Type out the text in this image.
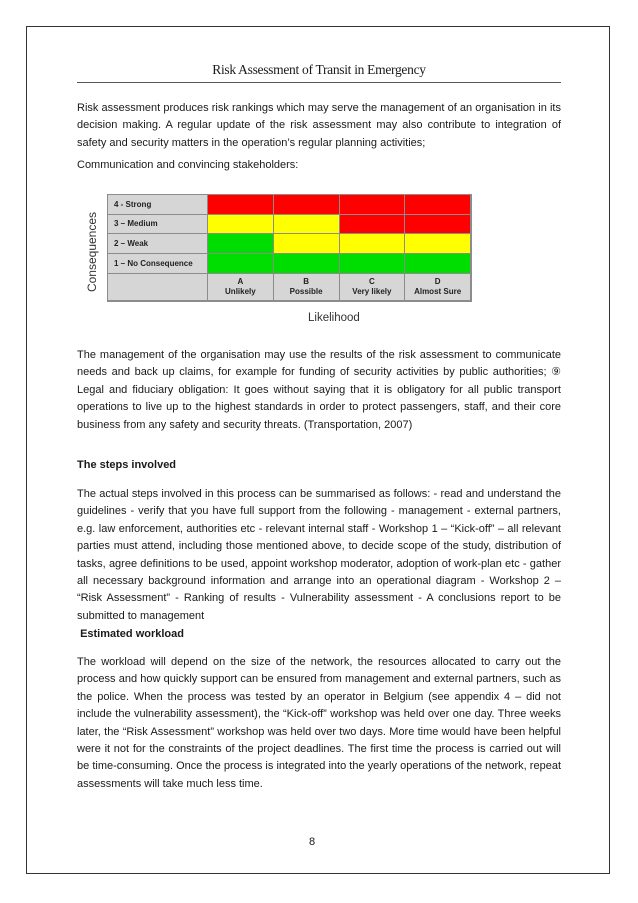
Risk Assessment of Transit in Emergency

Risk assessment produces risk rankings which may serve the management of an organisation in its decision making. A regular update of the risk assessment may also contribute to integration of safety and security matters in the operation’s regular planning activities;

Communication and convincing stakeholders:

Consequences
4 - Strong
3 – Medium
2 – Weak
1 – No Consequence
A
Unlikely
B
Possible
C
Very likely
D
Almost Sure
Likelihood

The management of the organisation may use the results of the risk assessment to communicate needs and back up claims, for example for funding of security activities by public authorities; ⑨ Legal and fiduciary obligation: It goes without saying that it is obligatory for all public transport operations to live up to the highest standards in order to protect passengers, staff, and their core business from any safety and security threats. (Transportation, 2007)

The steps involved

The actual steps involved in this process can be summarised as follows: - read and understand the guidelines - verify that you have full support from the following - management - external partners, e.g. law enforcement, authorities etc - relevant internal staff - Workshop 1 – “Kick-off” – all relevant parties must attend, including those mentioned above, to decide scope of the study, distribution of tasks, agree definitions to be used, appoint workshop moderator, adoption of work-plan etc - gather all necessary background information and arrange into an operational diagram - Workshop 2 – “Risk Assessment” - Ranking of results - Vulnerability assessment - A conclusions report to be submitted to management

Estimated workload

The workload will depend on the size of the network, the resources allocated to carry out the process and how quickly support can be ensured from management and external partners, such as the police. When the process was tested by an operator in Belgium (see appendix 4 – did not include the vulnerability assessment), the “Kick-off” workshop was held over one day. Three weeks later, the “Risk Assessment” workshop was held over two days. More time would have been helpful were it not for the constraints of the project deadlines. The first time the process is carried out will be time-consuming. Once the process is integrated into the yearly operations of the network, repeat assessments will take much less time.

8
